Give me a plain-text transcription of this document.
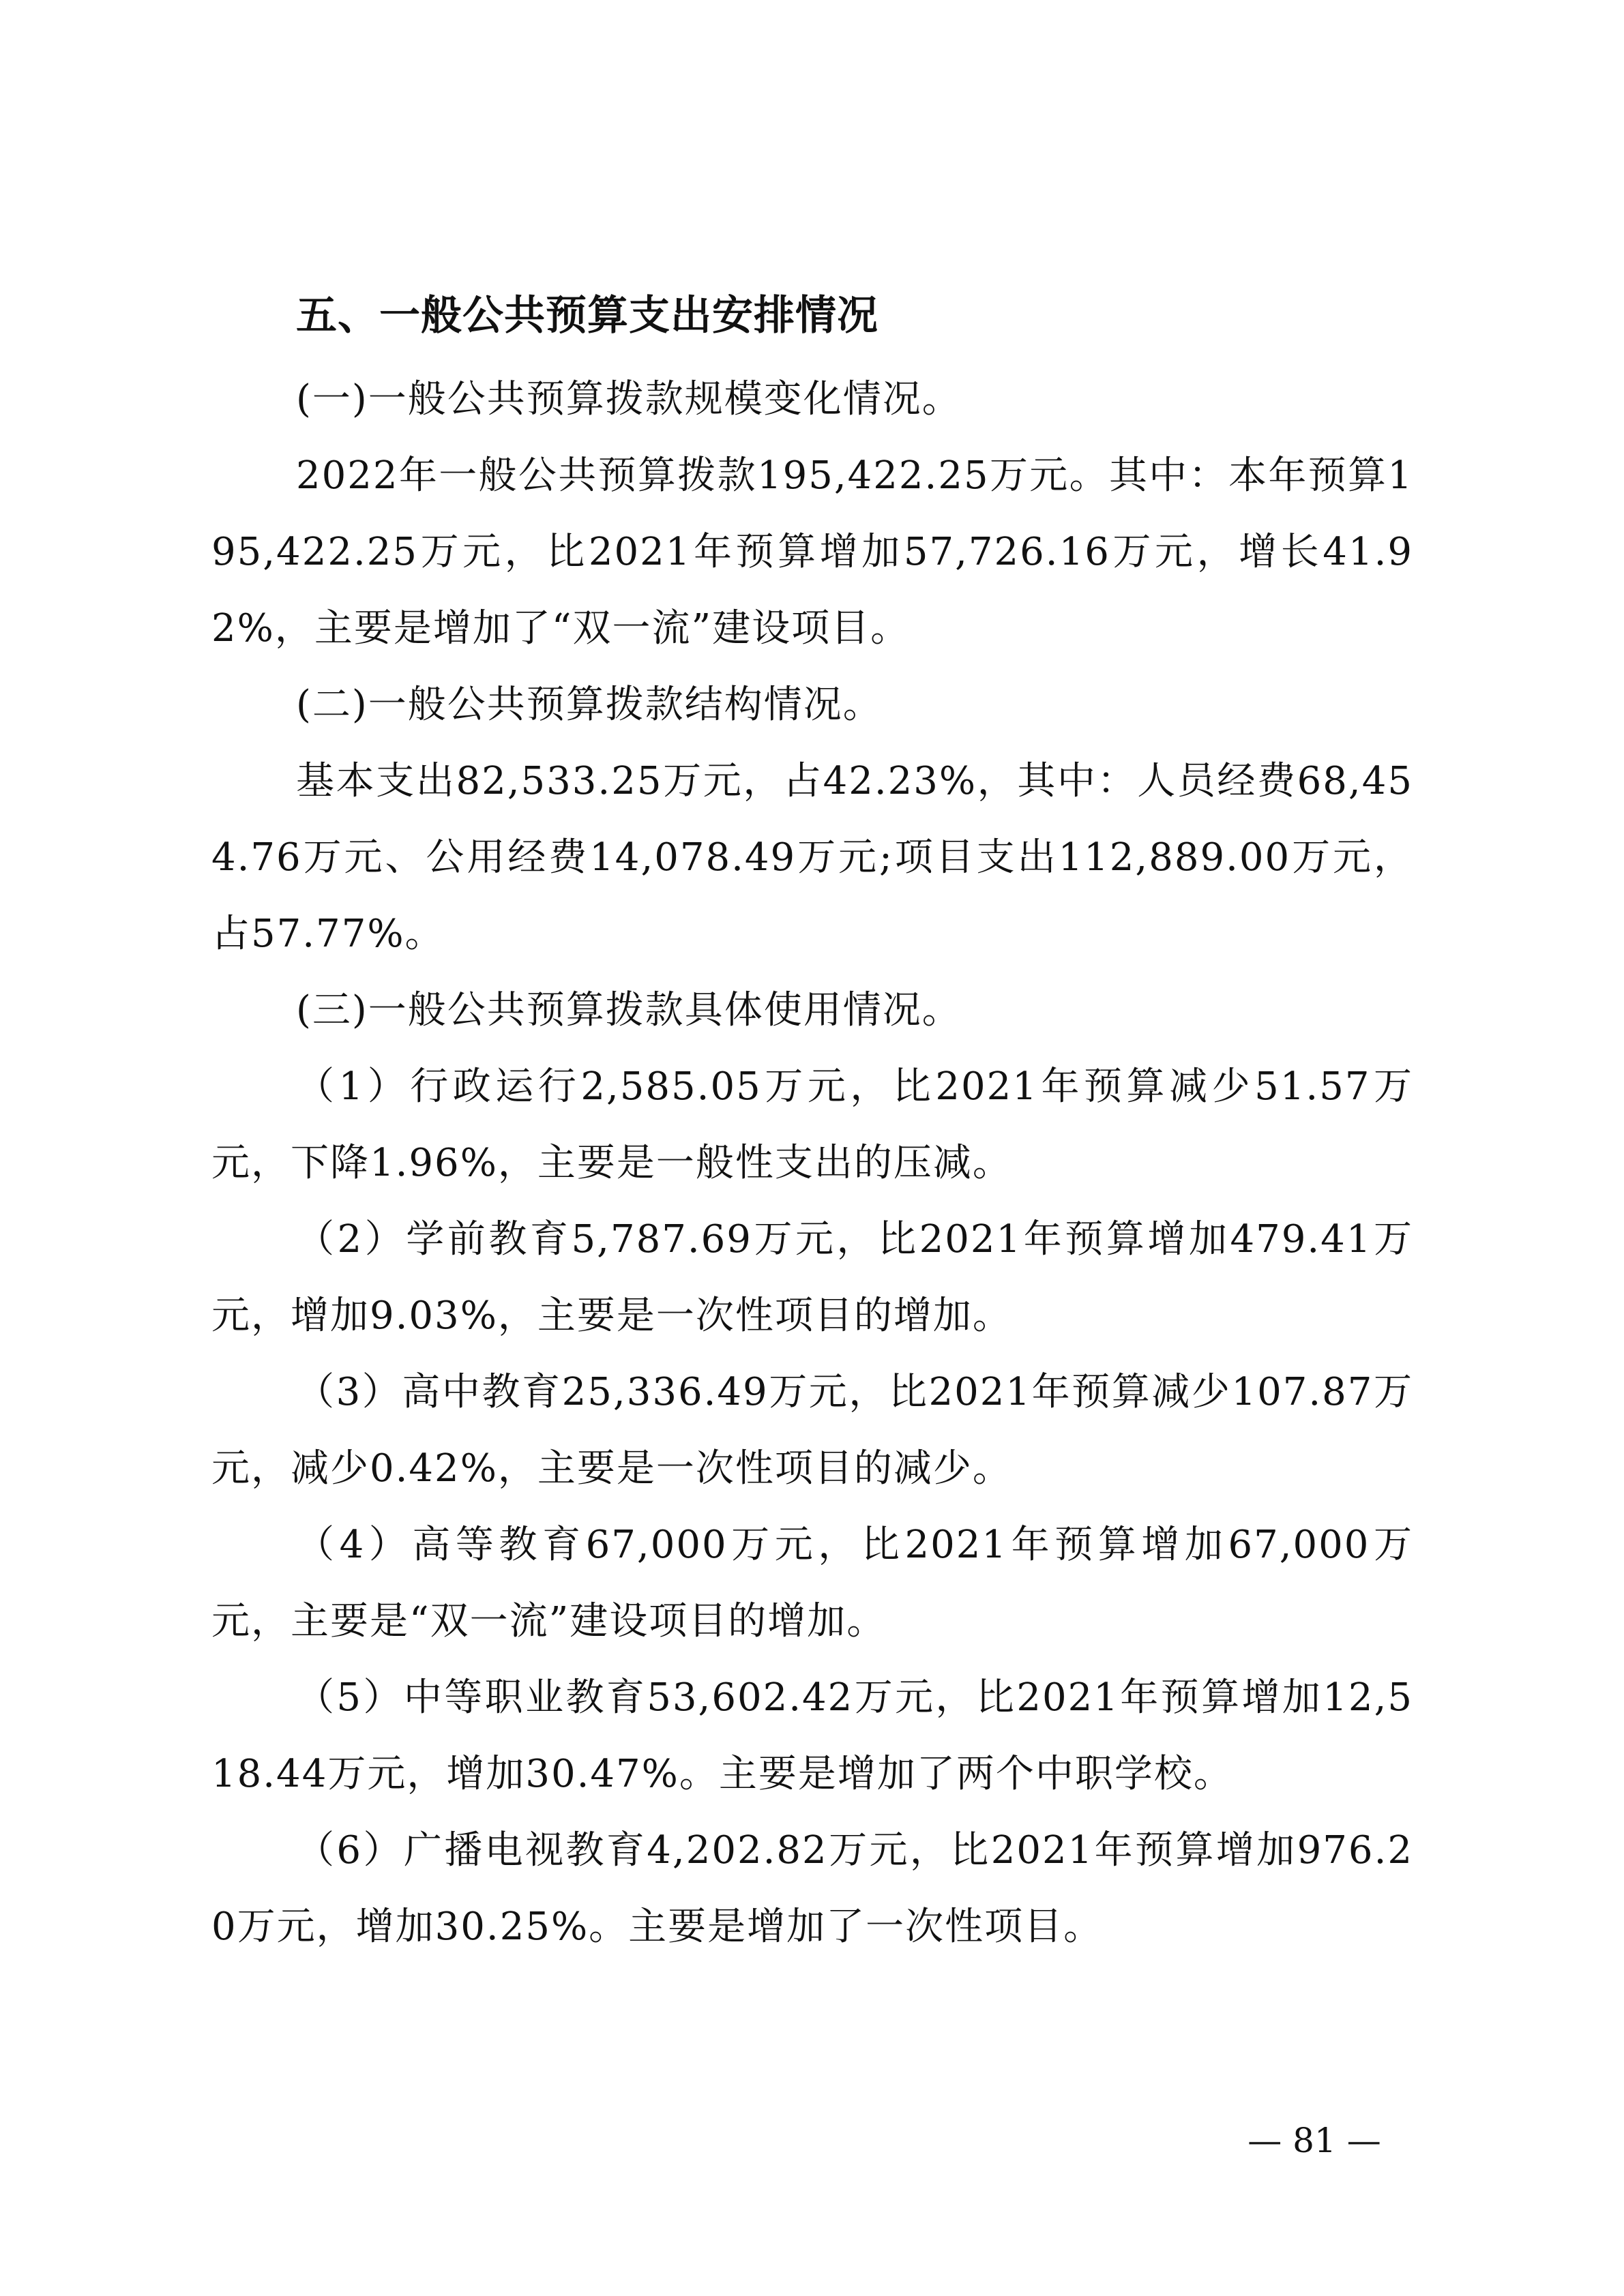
五、一般公共预算支出安排情况

(一)一般公共预算拨款规模变化情况。

2022年一般公共预算拨款195,422.25万元。其中：本年预算195,422.25万元，比2021年预算增加57,726.16万元，增长41.92%，主要是增加了“双一流”建设项目。

(二)一般公共预算拨款结构情况。

基本支出82,533.25万元，占42.23%，其中：人员经费68,454.76万元、公用经费14,078.49万元;项目支出112,889.00万元，占57.77%。

(三)一般公共预算拨款具体使用情况。

（1）行政运行2,585.05万元，比2021年预算减少51.57万元，下降1.96%，主要是一般性支出的压减。

（2）学前教育5,787.69万元，比2021年预算增加479.41万元，增加9.03%，主要是一次性项目的增加。

（3）高中教育25,336.49万元，比2021年预算减少107.87万元，减少0.42%，主要是一次性项目的减少。

（4）高等教育67,000万元，比2021年预算增加67,000万元，主要是“双一流”建设项目的增加。

（5）中等职业教育53,602.42万元，比2021年预算增加12,518.44万元，增加30.47%。主要是增加了两个中职学校。

（6）广播电视教育4,202.82万元，比2021年预算增加976.20万元，增加30.25%。主要是增加了一次性项目。

— 81 —
